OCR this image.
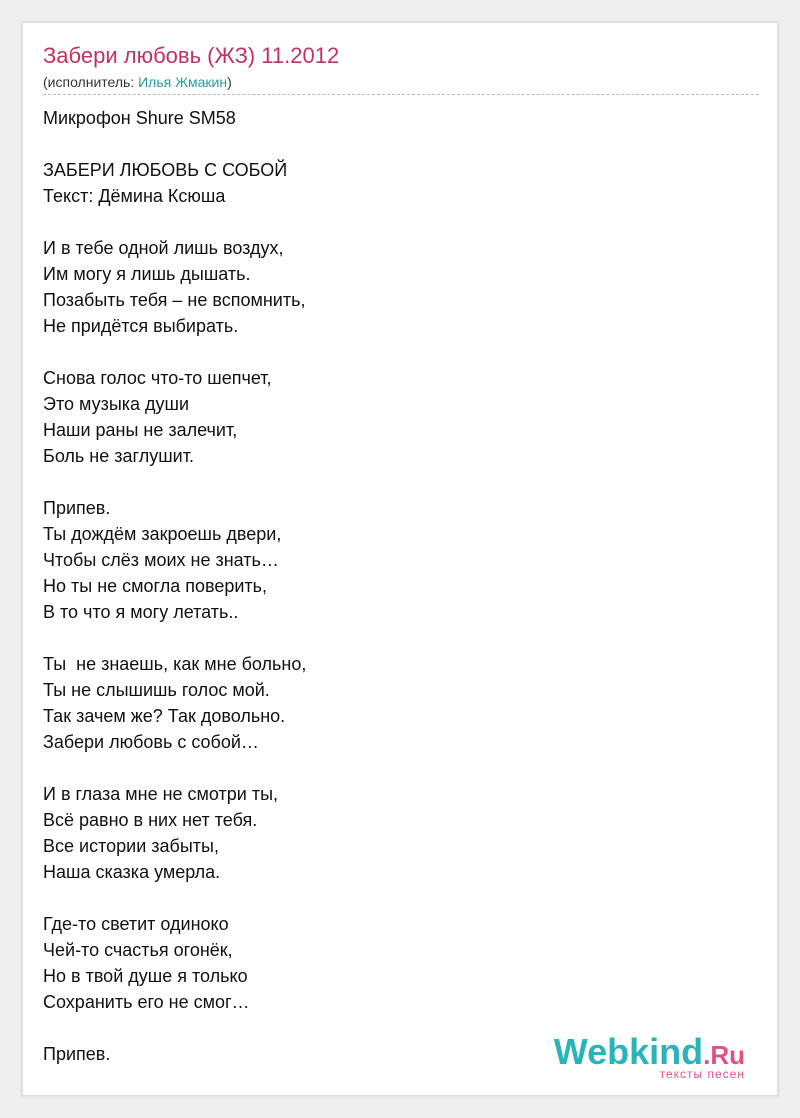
Забери любовь (ЖЗ) 11.2012
(исполнитель: Илья Жмакин)
Микрофон Shure SM58
ЗАБЕРИ ЛЮБОВЬ С СОБОЙ
Текст: Дёмина Ксюша
И в тебе одной лишь воздух,
Им могу я лишь дышать.
Позабыть тебя – не вспомнить,
Не придётся выбирать.
Снова голос что-то шепчет,
Это музыка души
Наши раны не залечит,
Боль не заглушит.
Припев.
Ты дождём закроешь двери,
Чтобы слёз моих не знать…
Но ты не смогла поверить,
В то что я могу летать..
Ты  не знаешь, как мне больно,
Ты не слышишь голос мой.
Так зачем же? Так довольно.
Забери любовь с собой…
И в глаза мне не смотри ты,
Всё равно в них нет тебя.
Все истории забыты,
Наша сказка умерла.
Где-то светит одиноко
Чей-то счастья огонёк,
Но в твой душе я только
Сохранить его не смог…
Припев.	Webkind.Ru
тексты песен
